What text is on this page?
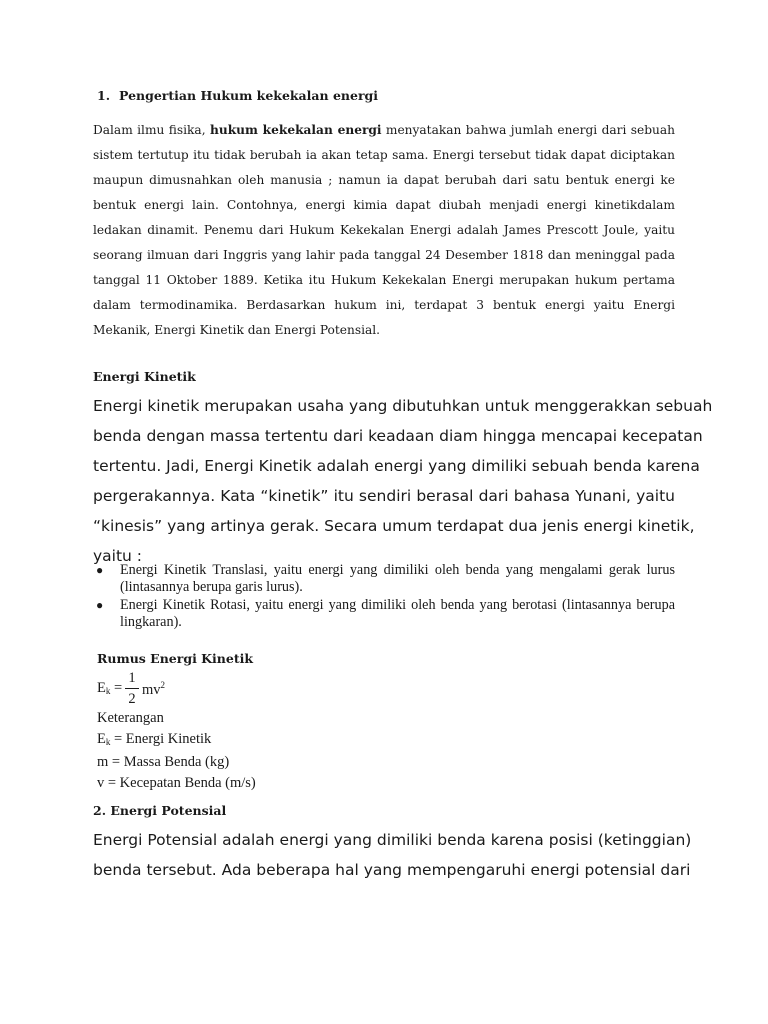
1. Pengertian Hukum kekekalan energi
Dalam ilmu fisika, hukum kekekalan energi menyatakan bahwa jumlah energi dari sebuah sistem tertutup itu tidak berubah ia akan tetap sama. Energi tersebut tidak dapat diciptakan maupun dimusnahkan oleh manusia ; namun ia dapat berubah dari satu bentuk energi ke bentuk energi lain. Contohnya, energi kimia dapat diubah menjadi energi kinetikdalam ledakan dinamit. Penemu dari Hukum Kekekalan Energi adalah James Prescott Joule, yaitu seorang ilmuan dari Inggris yang lahir pada tanggal 24 Desember 1818 dan meninggal pada tanggal 11 Oktober 1889. Ketika itu Hukum Kekekalan Energi merupakan hukum pertama dalam termodinamika. Berdasarkan hukum ini, terdapat 3 bentuk energi yaitu Energi Mekanik, Energi Kinetik dan Energi Potensial.
Energi Kinetik
Energi kinetik merupakan usaha yang dibutuhkan untuk menggerakkan sebuah
benda dengan massa tertentu dari keadaan diam hingga mencapai kecepatan
tertentu. Jadi, Energi Kinetik adalah energi yang dimiliki sebuah benda karena
pergerakannya. Kata “kinetik” itu sendiri berasal dari bahasa Yunani, yaitu
“kinesis” yang artinya gerak. Secara umum terdapat dua jenis energi kinetik,
yaitu :
● Energi Kinetik Translasi, yaitu energi yang dimiliki oleh benda yang mengalami gerak lurus (lintasannya berupa garis lurus).
● Energi Kinetik Rotasi, yaitu energi yang dimiliki oleh benda yang berotasi (lintasannya berupa lingkaran).
Rumus Energi Kinetik
$E_k$ =
1
2
$mv^2$
Keterangan
$E_k$ = Energi Kinetik
m = Massa Benda (kg)
v = Kecepatan Benda (m/s)
2. Energi Potensial
Energi Potensial adalah energi yang dimiliki benda karena posisi (ketinggian)
benda tersebut. Ada beberapa hal yang mempengaruhi energi potensial dari
